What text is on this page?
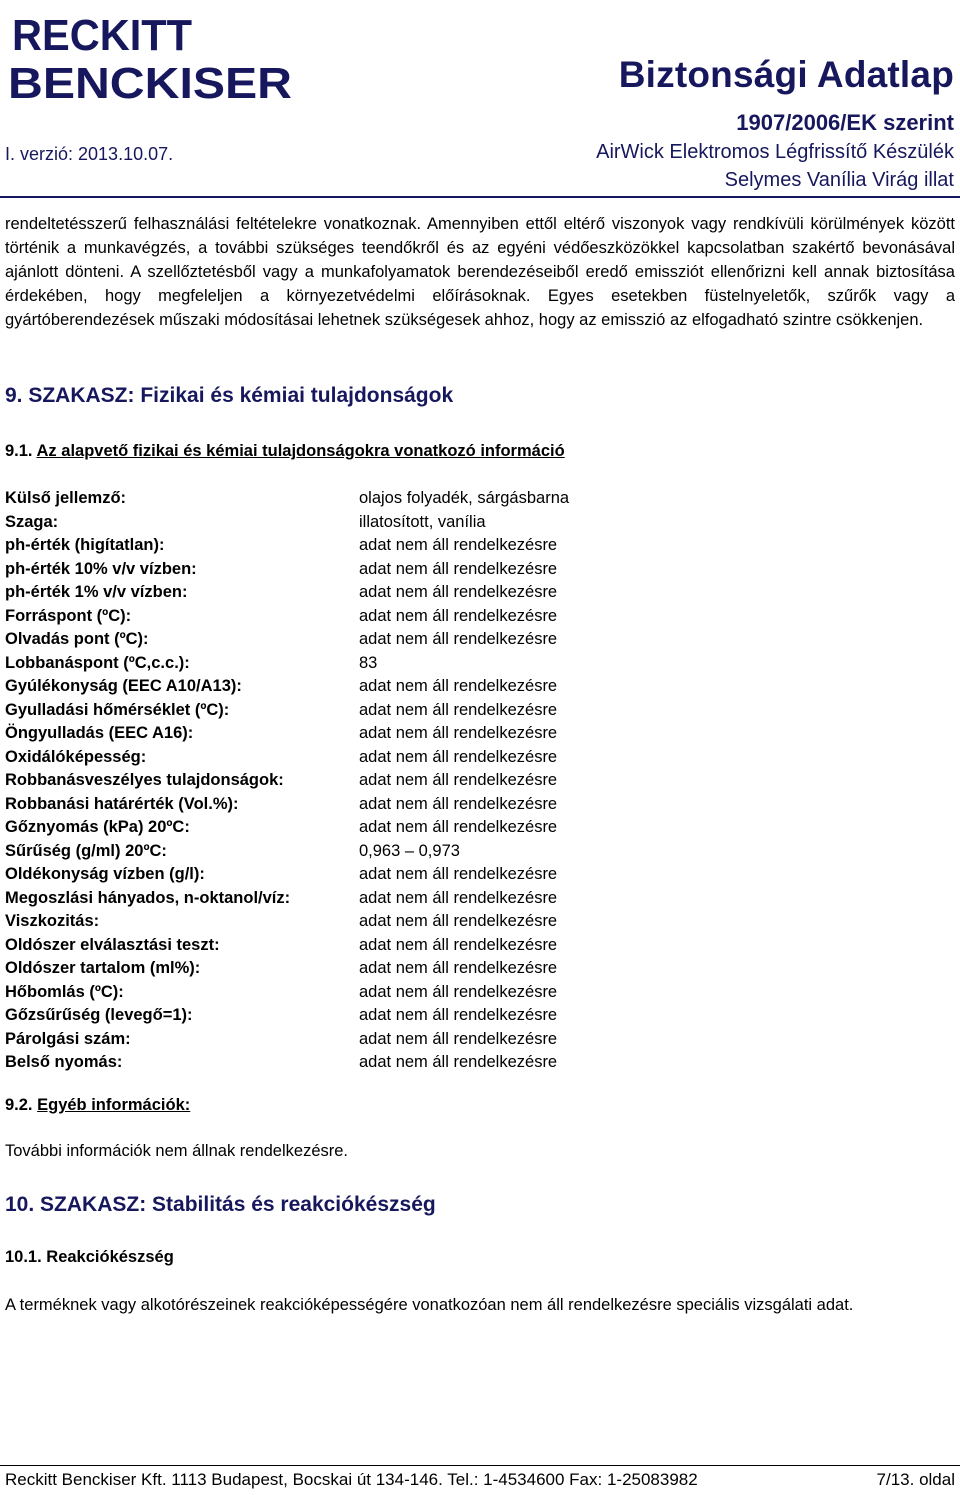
RECKITT
BENCKISER
I. verzió: 2013.10.07.
Biztonsági Adatlap
1907/2006/EK szerint
AirWick Elektromos Légfrissítő Készülék
Selymes Vanília Virág illat

rendeltetésszerű felhasználási feltételekre vonatkoznak. Amennyiben ettől eltérő viszonyok vagy rendkívüli körülmények között történik a munkavégzés, a további szükséges teendőkről és az egyéni védőeszközökkel kapcsolatban szakértő bevonásával ajánlott dönteni. A szellőztetésből vagy a munkafolyamatok berendezéseiből eredő emissziót ellenőrizni kell annak biztosítása érdekében, hogy megfeleljen a környezetvédelmi előírásoknak. Egyes esetekben füstelnyeletők, szűrők vagy a gyártóberendezések műszaki módosításai lehetnek szükségesek ahhoz, hogy az emisszió az elfogadható szintre csökkenjen.

9. SZAKASZ: Fizikai és kémiai tulajdonságok
9.1. Az alapvető fizikai és kémiai tulajdonságokra vonatkozó információ
Külső jellemző:	olajos folyadék, sárgásbarna
Szaga:	illatosított, vanília
ph-érték (higítatlan):	adat nem áll rendelkezésre
ph-érték 10% v/v vízben:	adat nem áll rendelkezésre
ph-érték 1% v/v vízben:	adat nem áll rendelkezésre
Forráspont (ºC):	adat nem áll rendelkezésre
Olvadás pont (ºC):	adat nem áll rendelkezésre
Lobbanáspont (ºC,c.c.):	83
Gyúlékonyság (EEC A10/A13):	adat nem áll rendelkezésre
Gyulladási hőmérséklet (ºC):	adat nem áll rendelkezésre
Öngyulladás (EEC A16):	adat nem áll rendelkezésre
Oxidálóképesség:	adat nem áll rendelkezésre
Robbanásveszélyes tulajdonságok:	adat nem áll rendelkezésre
Robbanási határérték (Vol.%):	adat nem áll rendelkezésre
Gőznyomás (kPa) 20ºC:	adat nem áll rendelkezésre
Sűrűség (g/ml) 20ºC:	0,963 – 0,973
Oldékonyság vízben (g/l):	adat nem áll rendelkezésre
Megoszlási hányados, n-oktanol/víz:	adat nem áll rendelkezésre
Viszkozitás:	adat nem áll rendelkezésre
Oldószer elválasztási teszt:	adat nem áll rendelkezésre
Oldószer tartalom (ml%):	adat nem áll rendelkezésre
Hőbomlás (ºC):	adat nem áll rendelkezésre
Gőzsűrűség (levegő=1):	adat nem áll rendelkezésre
Párolgási szám:	adat nem áll rendelkezésre
Belső nyomás:	adat nem áll rendelkezésre
9.2. Egyéb információk:
További információk nem állnak rendelkezésre.
10. SZAKASZ: Stabilitás és reakciókészség
10.1. Reakciókészség

A terméknek vagy alkotórészeinek reakcióképességére vonatkozóan nem áll rendelkezésre speciális vizsgálati adat.

Reckitt Benckiser Kft. 1113 Budapest, Bocskai út 134-146. Tel.: 1-4534600 Fax: 1-25083982	7/13. oldal
